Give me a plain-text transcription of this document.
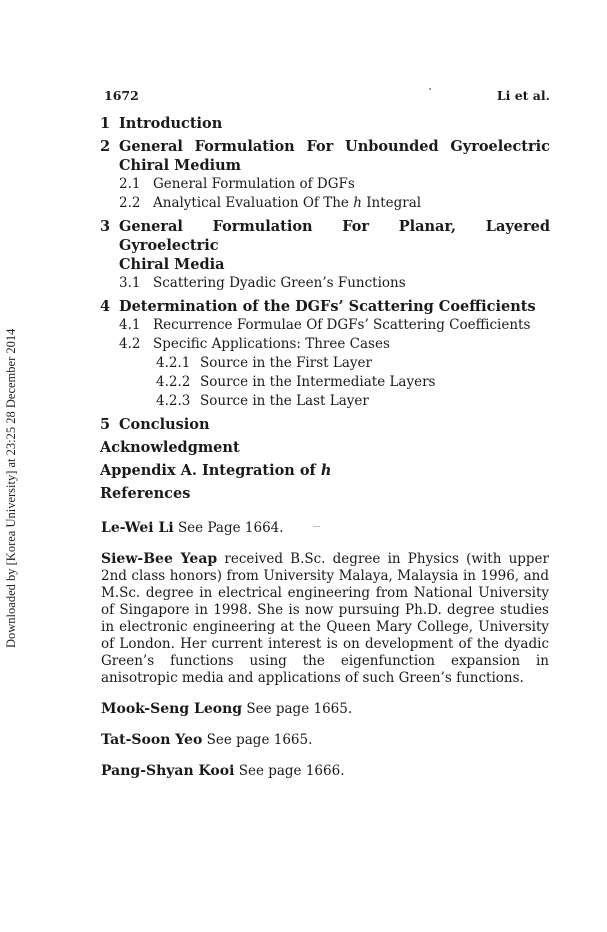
Downloaded by [Korea University] at 23:25 28 December 2014
1672	Li et al.
1 Introduction
2 General Formulation For Unbounded Gyroelectric
Chiral Medium
2.1 General Formulation of DGFs
2.2 Analytical Evaluation Of The h Integral
3 General Formulation For Planar, Layered Gyroelectric
Chiral Media
3.1 Scattering Dyadic Green’s Functions
4 Determination of the DGFs’ Scattering Coefficients
4.1 Recurrence Formulae Of DGFs’ Scattering Coefficients
4.2 Specific Applications: Three Cases
4.2.1 Source in the First Layer
4.2.2 Source in the Intermediate Layers
4.2.3 Source in the Last Layer
5 Conclusion
Acknowledgment
Appendix A. Integration of h
References
Le-Wei Li See Page 1664.
Siew-Bee Yeap received B.Sc. degree in Physics (with upper 2nd class honors) from University Malaya, Malaysia in 1996, and M.Sc. degree in electrical engineering from National University of Singapore in 1998. She is now pursuing Ph.D. degree studies in electronic engineering at the Queen Mary College, University of London. Her current interest is on development of the dyadic Green’s functions using the eigenfunction expansion in anisotropic media and applications of such Green’s functions.
Mook-Seng Leong See page 1665.
Tat-Soon Yeo See page 1665.
Pang-Shyan Kooi See page 1666.
